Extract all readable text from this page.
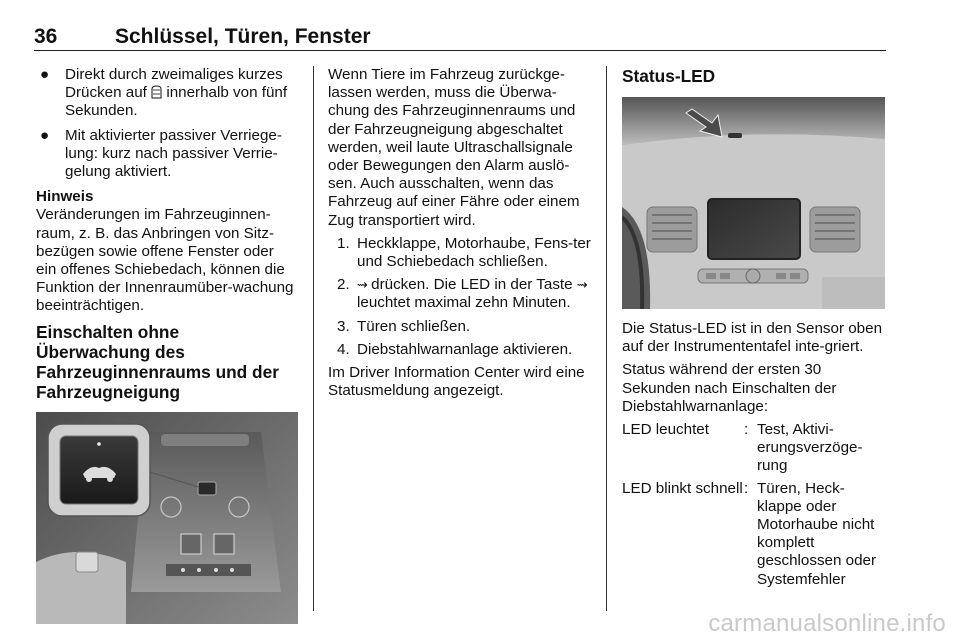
36	Schlüssel, Türen, Fenster
● Direkt durch zweimaliges kurzes Drücken auf  innerhalb von fünf Sekunden.
● Mit aktivierter passiver Verriege-lung: kurz nach passiver Verrie-gelung aktiviert.

Hinweis

Veränderungen im Fahrzeuginnen-raum, z. B. das Anbringen von Sitz-bezügen sowie offene Fenster oder ein offenes Schiebedach, können die Funktion der Innenraumüber-wachung beeinträchtigen.

Einschalten ohne Überwachung des Fahrzeuginnenraums und der Fahrzeugneigung

Wenn Tiere im Fahrzeug zurückge-lassen werden, muss die Überwa-chung des Fahrzeuginnenraums und der Fahrzeugneigung abgeschaltet werden, weil laute Ultraschallsignale oder Bewegungen den Alarm auslö-sen. Auch ausschalten, wenn das Fahrzeug auf einer Fähre oder einem Zug transportiert wird.

1. Heckklappe, Motorhaube, Fens-ter und Schiebedach schließen.
2. ⇝ drücken. Die LED in der Taste ⇝ leuchtet maximal zehn Minuten.
3. Türen schließen.
4. Diebstahlwarnanlage aktivieren.

Im Driver Information Center wird eine Statusmeldung angezeigt.

Status-LED

Die Status-LED ist in den Sensor oben auf der Instrumententafel inte-griert.

Status während der ersten 30 Sekunden nach Einschalten der Diebstahlwarnanlage:

LED leuchtet	: Test, Aktivi-erungsverzöge-rung
LED blinkt schnell : Türen, Heck-klappe oder Motorhaube nicht komplett geschlossen oder Systemfehler
carmanualsonline.info
